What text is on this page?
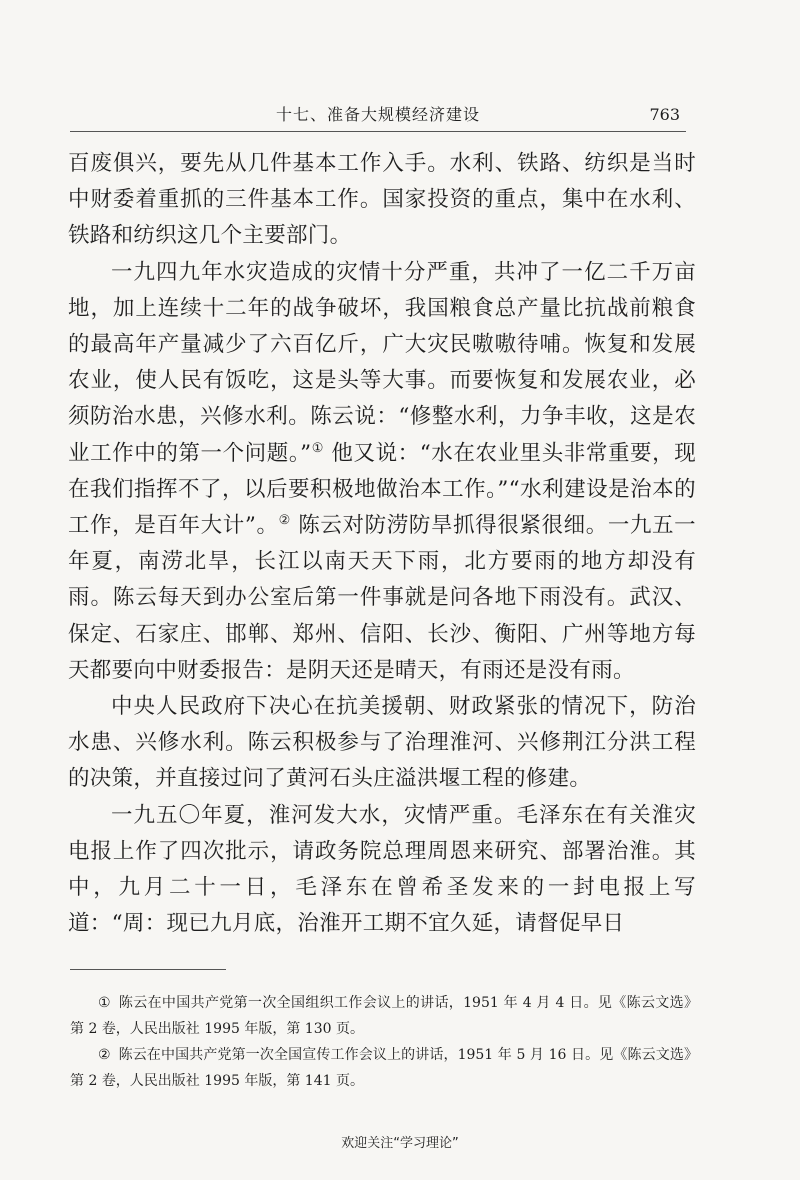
十七、准备大规模经济建设	763

百废俱兴，要先从几件基本工作入手。水利、铁路、纺织是当时中财委着重抓的三件基本工作。国家投资的重点，集中在水利、铁路和纺织这几个主要部门。

一九四九年水灾造成的灾情十分严重，共冲了一亿二千万亩地，加上连续十二年的战争破坏，我国粮食总产量比抗战前粮食的最高年产量减少了六百亿斤，广大灾民嗷嗷待哺。恢复和发展农业，使人民有饭吃，这是头等大事。而要恢复和发展农业，必须防治水患，兴修水利。陈云说：“修整水利，力争丰收，这是农业工作中的第一个问题。”① 他又说：“水在农业里头非常重要，现在我们指挥不了，以后要积极地做治本工作。”“水利建设是治本的工作，是百年大计”。② 陈云对防涝防旱抓得很紧很细。一九五一年夏，南涝北旱，长江以南天天下雨，北方要雨的地方却没有雨。陈云每天到办公室后第一件事就是问各地下雨没有。武汉、保定、石家庄、邯郸、郑州、信阳、长沙、衡阳、广州等地方每天都要向中财委报告：是阴天还是晴天，有雨还是没有雨。

中央人民政府下决心在抗美援朝、财政紧张的情况下，防治水患、兴修水利。陈云积极参与了治理淮河、兴修荆江分洪工程的决策，并直接过问了黄河石头庄溢洪堰工程的修建。

一九五〇年夏，淮河发大水，灾情严重。毛泽东在有关淮灾电报上作了四次批示，请政务院总理周恩来研究、部署治淮。其中，九月二十一日，毛泽东在曾希圣发来的一封电报上写道：“周：现已九月底，治淮开工期不宜久延，请督促早日

① 陈云在中国共产党第一次全国组织工作会议上的讲话，1951 年 4 月 4 日。见《陈云文选》第 2 卷，人民出版社 1995 年版，第 130 页。

② 陈云在中国共产党第一次全国宣传工作会议上的讲话，1951 年 5 月 16 日。见《陈云文选》第 2 卷，人民出版社 1995 年版，第 141 页。

欢迎关注“学习理论”
